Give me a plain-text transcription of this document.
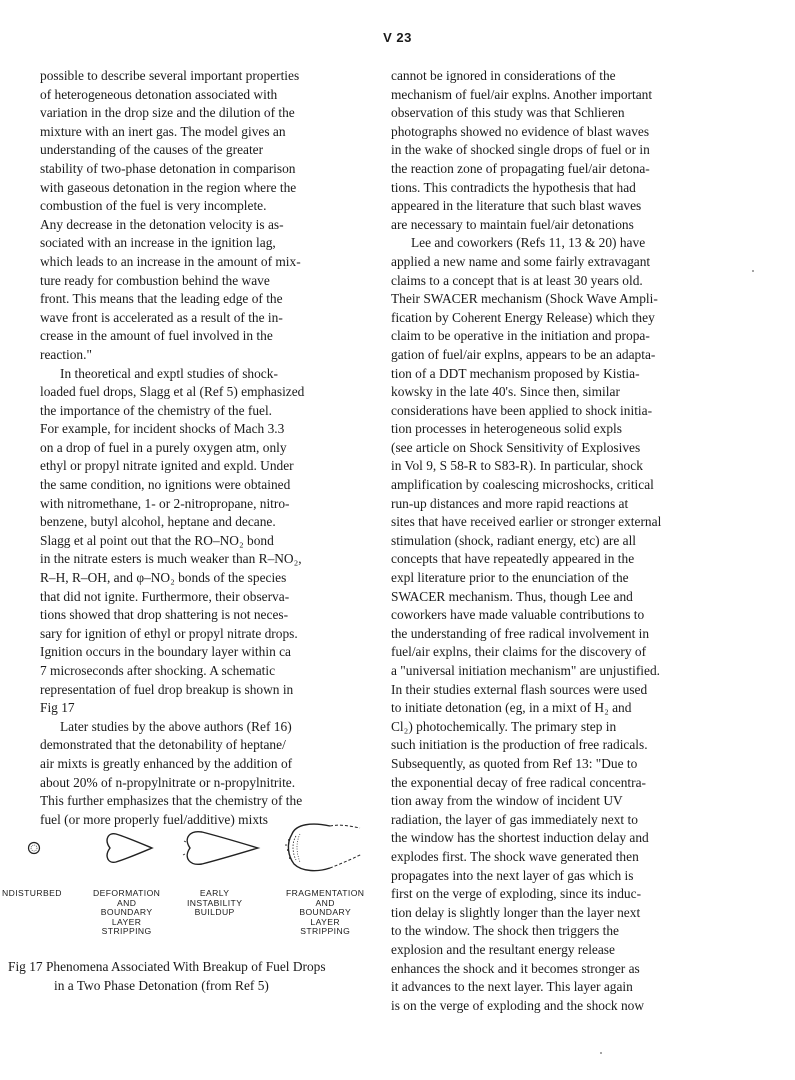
V 23
possible to describe several important properties
of heterogeneous detonation associated with
variation in the drop size and the dilution of the
mixture with an inert gas. The model gives an
understanding of the causes of the greater
stability of two-phase detonation in comparison
with gaseous detonation in the region where the
combustion of the fuel is very incomplete.
Any decrease in the detonation velocity is as-
sociated with an increase in the ignition lag,
which leads to an increase in the amount of mix-
ture ready for combustion behind the wave
front. This means that the leading edge of the
wave front is accelerated as a result of the in-
crease in the amount of fuel involved in the
reaction."
In theoretical and exptl studies of shock-
loaded fuel drops, Slagg et al (Ref 5) emphasized
the importance of the chemistry of the fuel.
For example, for incident shocks of Mach 3.3
on a drop of fuel in a purely oxygen atm, only
ethyl or propyl nitrate ignited and expld. Under
the same condition, no ignitions were obtained
with nitromethane, 1- or 2-nitropropane, nitro-
benzene, butyl alcohol, heptane and decane.
Slagg et al point out that the RO–NO₂ bond
in the nitrate esters is much weaker than R–NO₂,
R–H, R–OH, and φ–NO₂ bonds of the species
that did not ignite. Furthermore, their observa-
tions showed that drop shattering is not neces-
sary for ignition of ethyl or propyl nitrate drops.
Ignition occurs in the boundary layer within ca
7 microseconds after shocking. A schematic
representation of fuel drop breakup is shown in
Fig 17
Later studies by the above authors (Ref 16)
demonstrated that the detonability of heptane/
air mixts is greatly enhanced by the addition of
about 20% of n-propylnitrate or n-propylnitrite.
This further emphasizes that the chemistry of the
fuel (or more properly fuel/additive) mixts
cannot be ignored in considerations of the
mechanism of fuel/air explns. Another important
observation of this study was that Schlieren
photographs showed no evidence of blast waves
in the wake of shocked single drops of fuel or in
the reaction zone of propagating fuel/air detona-
tions. This contradicts the hypothesis that had
appeared in the literature that such blast waves
are necessary to maintain fuel/air detonations
Lee and coworkers (Refs 11, 13 & 20) have
applied a new name and some fairly extravagant
claims to a concept that is at least 30 years old.
Their SWACER mechanism (Shock Wave Ampli-
fication by Coherent Energy Release) which they
claim to be operative in the initiation and propa-
gation of fuel/air explns, appears to be an adapta-
tion of a DDT mechanism proposed by Kistia-
kowsky in the late 40's. Since then, similar
considerations have been applied to shock initia-
tion processes in heterogeneous solid expls
(see article on Shock Sensitivity of Explosives
in Vol 9, S 58-R to S83-R). In particular, shock
amplification by coalescing microshocks, critical
run-up distances and more rapid reactions at
sites that have received earlier or stronger external
stimulation (shock, radiant energy, etc) are all
concepts that have repeatedly appeared in the
expl literature prior to the enunciation of the
SWACER mechanism. Thus, though Lee and
coworkers have made valuable contributions to
the understanding of free radical involvement in
fuel/air explns, their claims for the discovery of
a "universal initiation mechanism" are unjustified.
In their studies external flash sources were used
to initiate detonation (eg, in a mixt of H₂ and
Cl₂) photochemically. The primary step in
such initiation is the production of free radicals.
Subsequently, as quoted from Ref 13: "Due to
the exponential decay of free radical concentra-
tion away from the window of incident UV
radiation, the layer of gas immediately next to
the window has the shortest induction delay and
explodes first. The shock wave generated then
propagates into the next layer of gas which is
first on the verge of exploding, since its induc-
tion delay is slightly longer than the layer next
to the window. The shock then triggers the
explosion and the resultant energy release
enhances the shock and it becomes stronger as
it advances to the next layer. This layer again
is on the verge of exploding and the shock now
NDISTURBED	DEFORMATION
AND
BOUNDARY
LAYER
STRIPPING
EARLY
INSTABILITY
BUILDUP
FRAGMENTATION
AND
BOUNDARY
LAYER
STRIPPING
Fig 17 Phenomena Associated With Breakup of Fuel Drops
in a Two Phase Detonation (from Ref 5)
